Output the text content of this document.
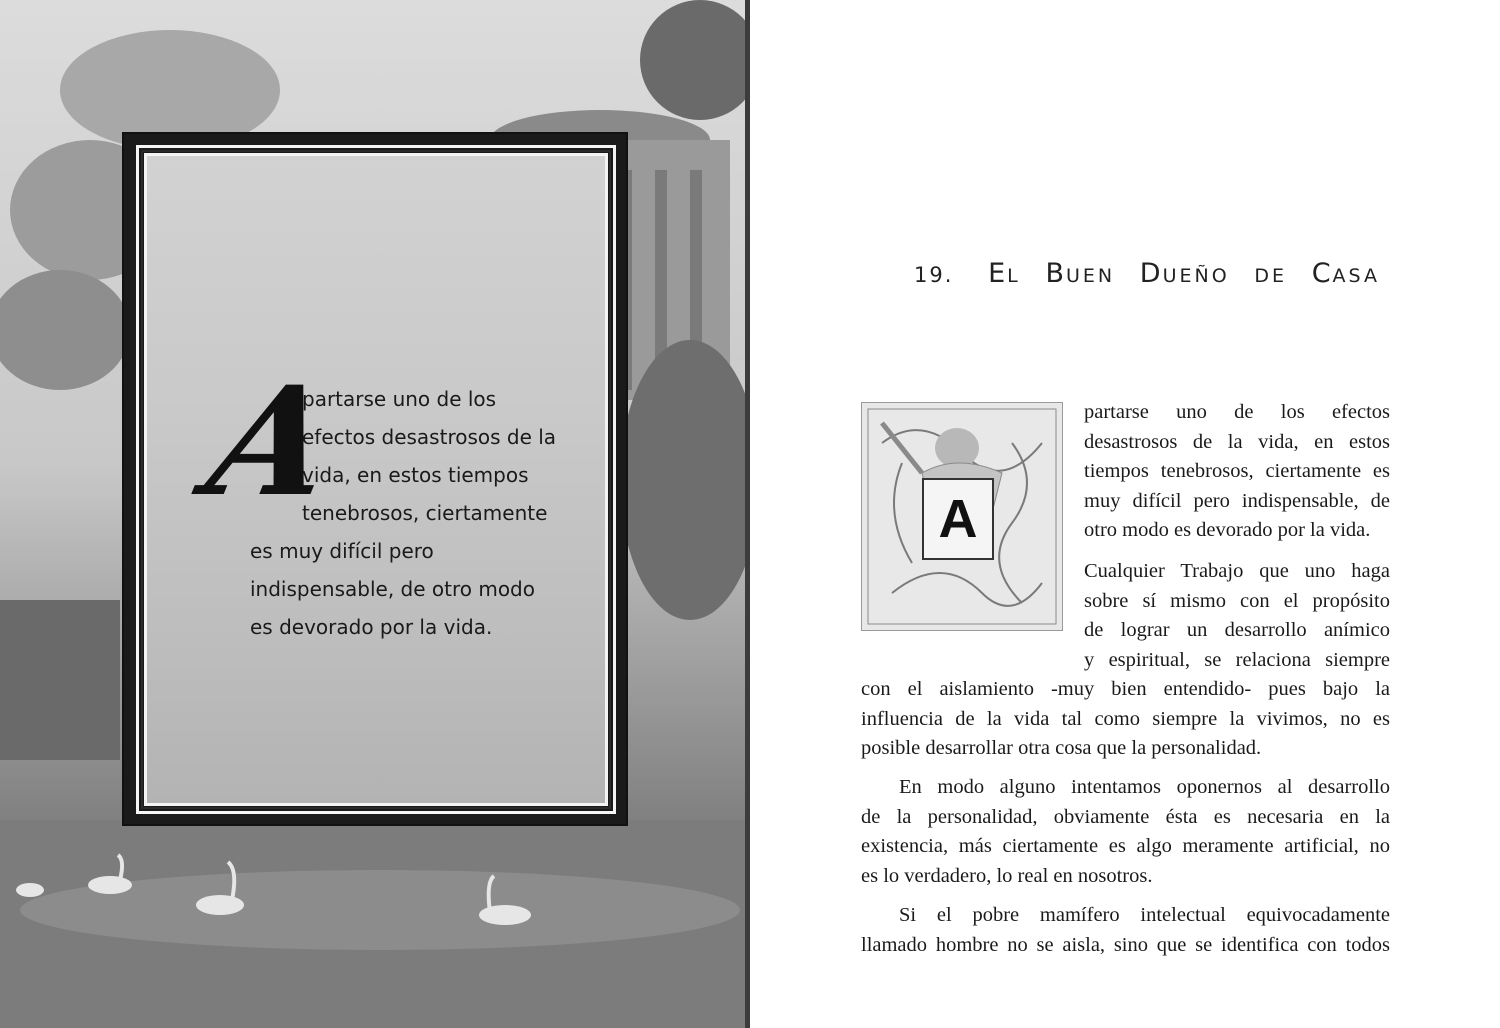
A
partarse uno de los
efectos desastrosos de la
vida, en estos tiempos
tenebrosos, ciertamente
es muy difícil pero
indispensable, de otro modo
es devorado por la vida.
19. EL BUEN DUEÑO DE CASA
A
partarse uno de los efectos
desastrosos de la vida, en estos
tiempos tenebrosos, ciertamente es
muy difícil pero indispensable, de
otro modo es devorado por la vida.
Cualquier Trabajo que uno haga
sobre sí mismo con el propósito
de lograr un desarrollo anímico
y espiritual, se relaciona siempre
con el aislamiento -muy bien entendido- pues bajo la
influencia de la vida tal como siempre la vivimos, no es
posible desarrollar otra cosa que la personalidad.
En modo alguno intentamos oponernos al desarrollo
de la personalidad, obviamente ésta es necesaria en la
existencia, más ciertamente es algo meramente artificial, no
es lo verdadero, lo real en nosotros.
Si el pobre mamífero intelectual equivocadamente
llamado hombre no se aisla, sino que se identifica con todos
